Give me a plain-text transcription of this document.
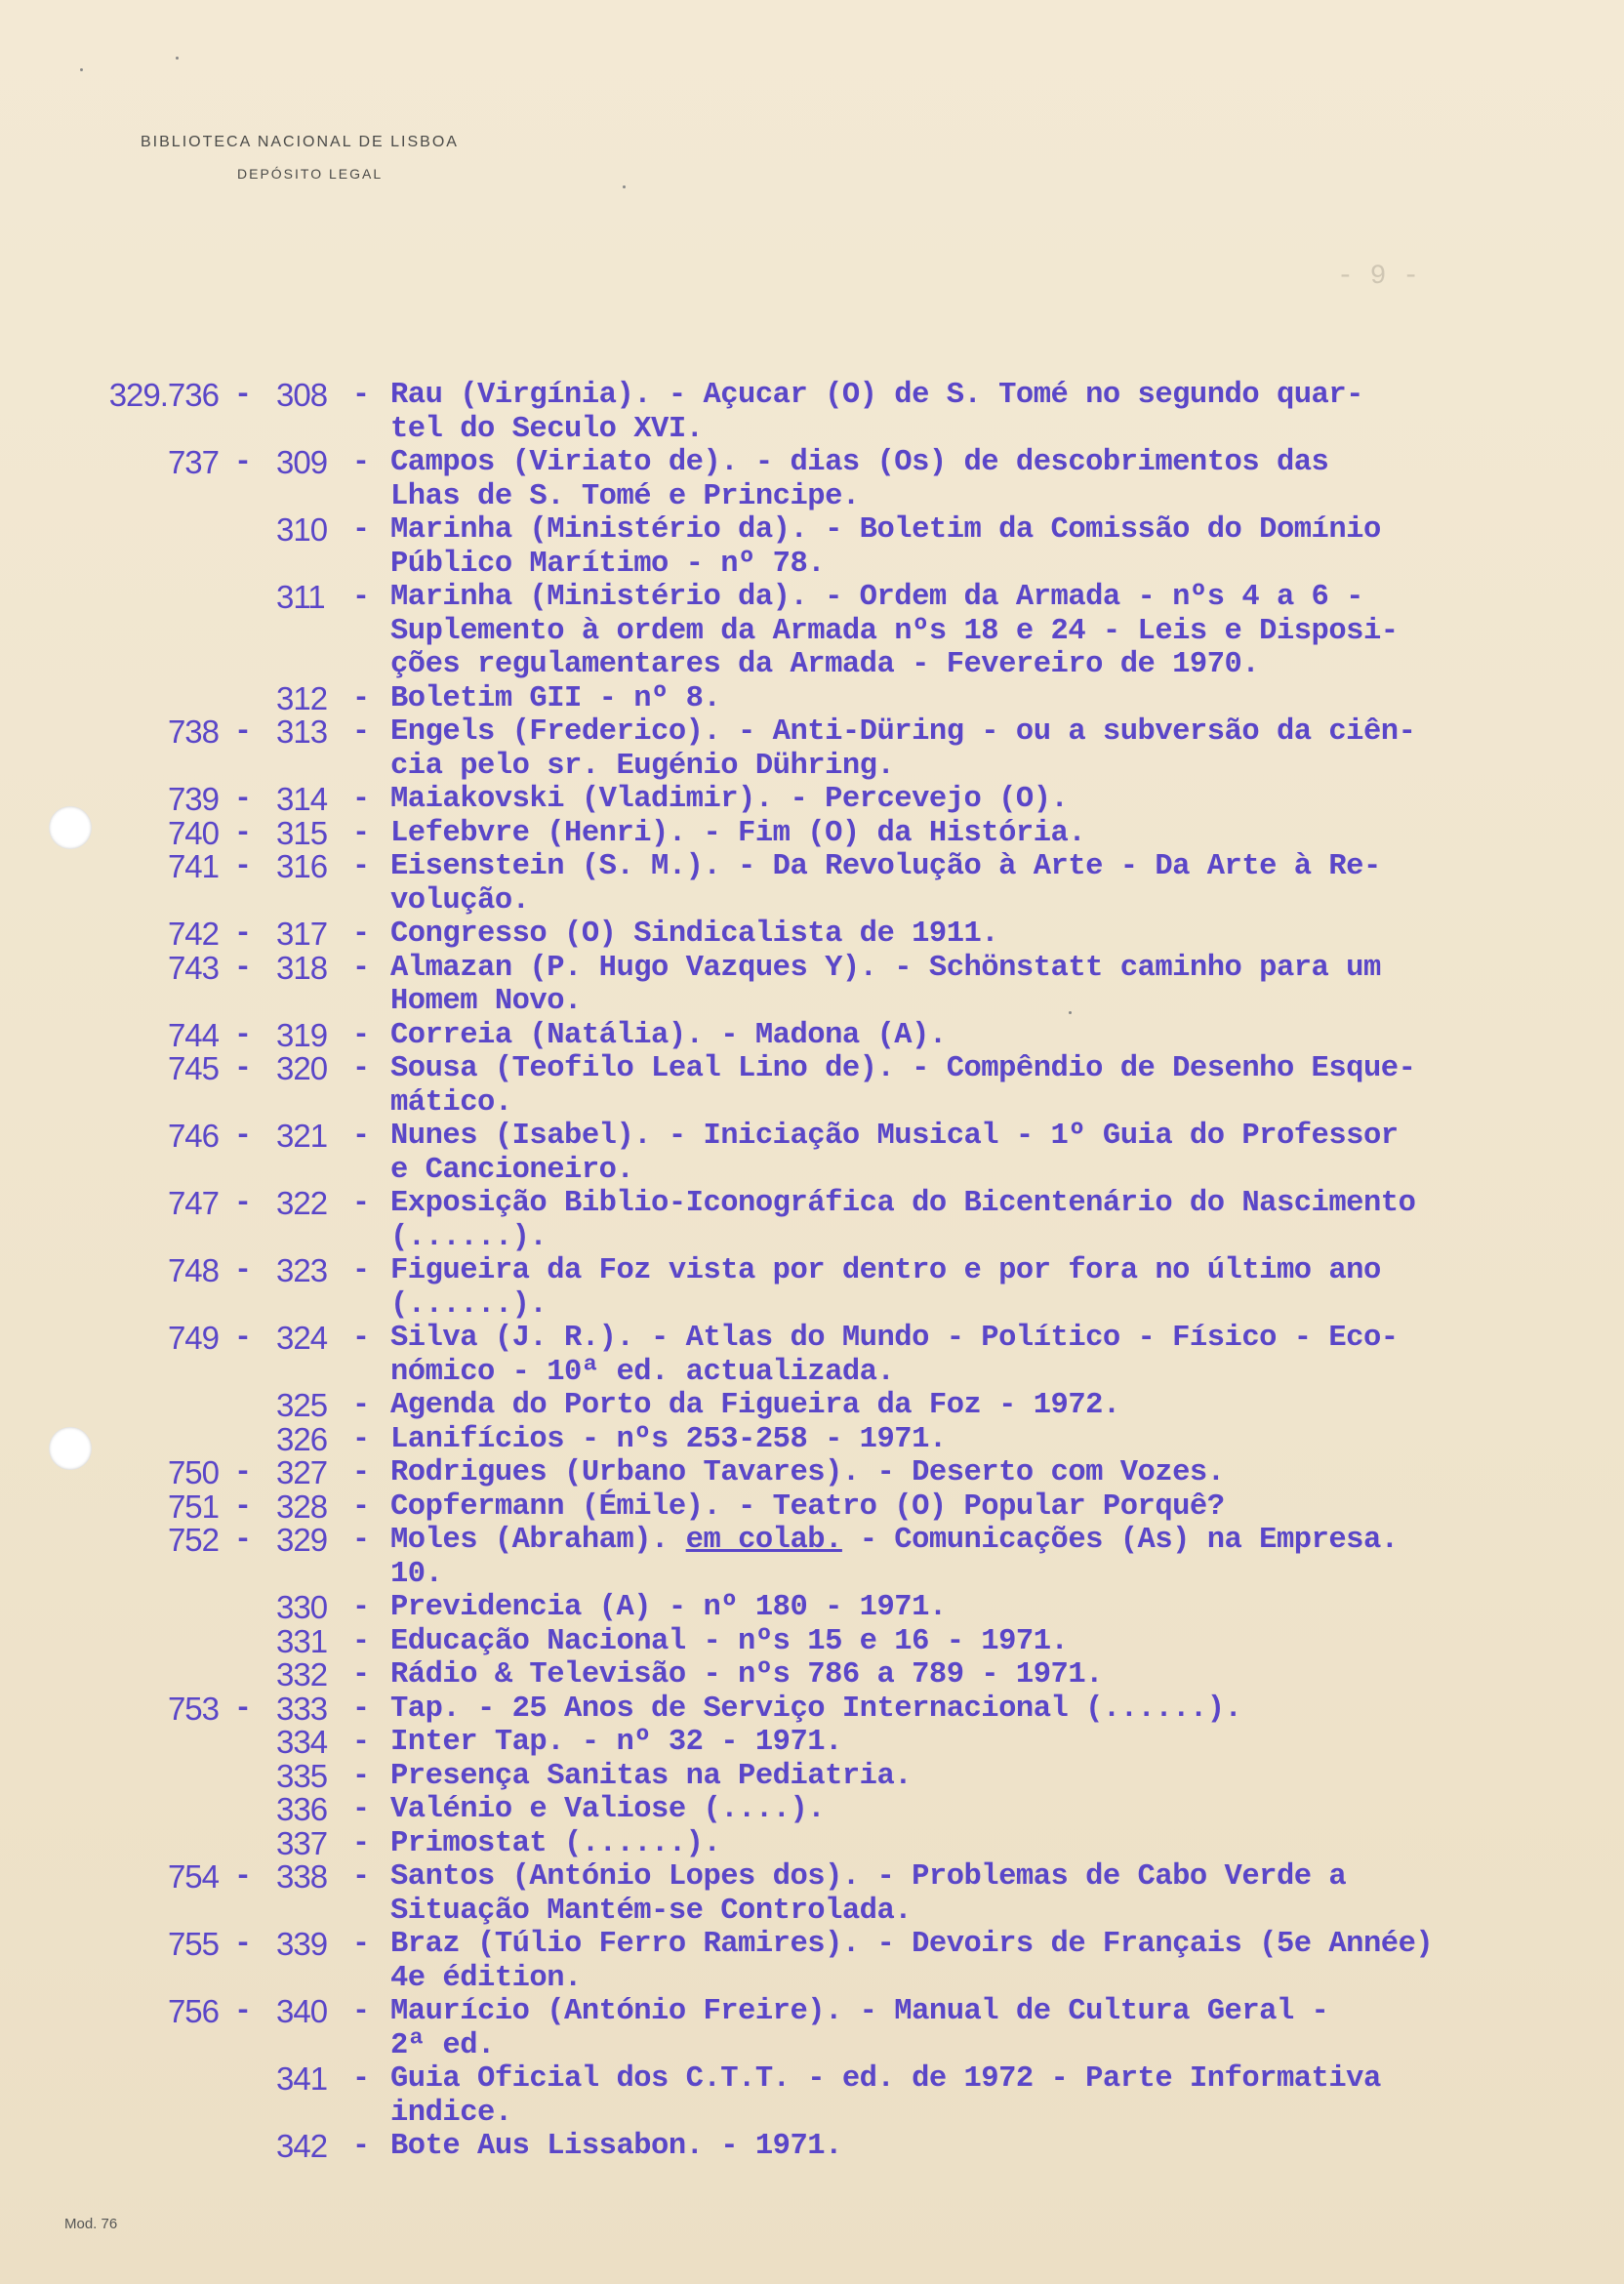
BIBLIOTECA NACIONAL DE LISBOA
DEPÓSITO LEGAL
- 9 -
329.736 - 308 - Rau (Virgínia). - Açucar (O) de S. Tomé no segundo quar-
tel do Seculo XVI.
737 - 309 - Campos (Viriato de). - dias (Os) de descobrimentos das
Lhas de S. Tomé e Principe.
310 - Marinha (Ministério da). - Boletim da Comissão do Domínio
Público Marítimo - nº 78.
311 - Marinha (Ministério da). - Ordem da Armada - nºs 4 a 6 -
Suplemento à ordem da Armada nºs 18 e 24 - Leis e Disposi-
ções regulamentares da Armada - Fevereiro de 1970.
312 - Boletim GII - nº 8.
738 - 313 - Engels (Frederico). - Anti-Düring - ou a subversão da ciên-
cia pelo sr. Eugénio Dühring.
739 - 314 - Maiakovski (Vladimir). - Percevejo (O).
740 - 315 - Lefebvre (Henri). - Fim (O) da História.
741 - 316 - Eisenstein (S. M.). - Da Revolução à Arte - Da Arte à Re-
volução.
742 - 317 - Congresso (O) Sindicalista de 1911.
743 - 318 - Almazan (P. Hugo Vazques Y). - Schönstatt caminho para um
Homem Novo.
744 - 319 - Correia (Natália). - Madona (A).
745 - 320 - Sousa (Teofilo Leal Lino de). - Compêndio de Desenho Esque-
mático.
746 - 321 - Nunes (Isabel). - Iniciação Musical - 1º Guia do Professor
e Cancioneiro.
747 - 322 - Exposição Biblio-Iconográfica do Bicentenário do Nascimento
(......).
748 - 323 - Figueira da Foz vista por dentro e por fora no último ano
(......).
749 - 324 - Silva (J. R.). - Atlas do Mundo - Político - Físico - Eco-
nómico - 10ª ed. actualizada.
325 - Agenda do Porto da Figueira da Foz - 1972.
326 - Lanifícios - nºs 253-258 - 1971.
750 - 327 - Rodrigues (Urbano Tavares). - Deserto com Vozes.
751 - 328 - Copfermann (Émile). - Teatro (O) Popular Porquê?
752 - 329 - Moles (Abraham). em colab. - Comunicações (As) na Empresa.
10.
330 - Previdencia (A) - nº 180 - 1971.
331 - Educação Nacional - nºs 15 e 16 - 1971.
332 - Rádio & Televisão - nºs 786 a 789 - 1971.
753 - 333 - Tap. - 25 Anos de Serviço Internacional (......).
334 - Inter Tap. - nº 32 - 1971.
335 - Presença Sanitas na Pediatria.
336 - Valénio e Valiose (....).
337 - Primostat (......).
754 - 338 - Santos (António Lopes dos). - Problemas de Cabo Verde a
Situação Mantém-se Controlada.
755 - 339 - Braz (Túlio Ferro Ramires). - Devoirs de Français (5e Année)
4e édition.
756 - 340 - Maurício (António Freire). - Manual de Cultura Geral -
2ª ed.
341 - Guia Oficial dos C.T.T. - ed. de 1972 - Parte Informativa
indice.
342 - Bote Aus Lissabon. - 1971.
Mod. 76
